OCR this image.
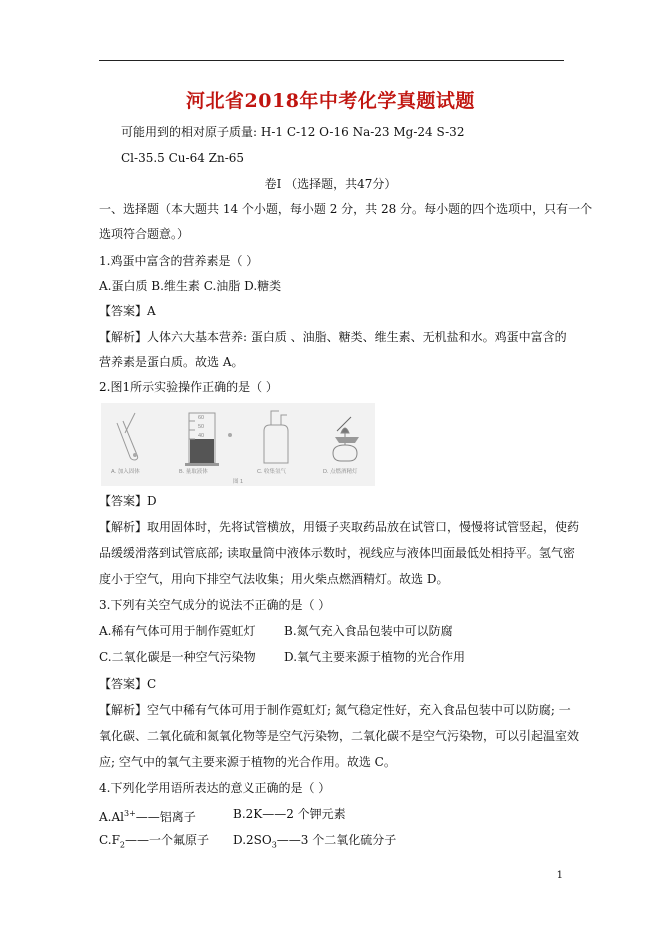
河北省2018年中考化学真题试题
可能用到的相对原子质量: H-1 C-12 O-16 Na-23 Mg-24 S-32
Cl-35.5 Cu-64 Zn-65
卷Ⅰ （选择题，共47分）
一、选择题（本大题共 14 个小题，每小题 2 分，共 28 分。每小题的四个选项中，只有一个
选项符合题意。）
1.鸡蛋中富含的营养素是（ ）
A.蛋白质 B.维生素 C.油脂 D.糖类
【答案】A
【解析】人体六大基本营养: 蛋白质 、油脂、糖类、维生素、无机盐和水。鸡蛋中富含的
营养素是蛋白质。故选 A。
2.图1所示实验操作正确的是（ ）
60
50
40
A. 加入固体	B. 量取液体	C. 收集氢气	D. 点燃酒精灯
图 1
【答案】D
【解析】取用固体时，先将试管横放，用镊子夹取药品放在试管口，慢慢将试管竖起，使药
品缓缓滑落到试管底部; 读取量筒中液体示数时，视线应与液体凹面最低处相持平。氢气密
度小于空气，用向下排空气法收集；用火柴点燃酒精灯。故选 D。
3.下列有关空气成分的说法不正确的是（ ）
A.稀有气体可用于制作霓虹灯 B.氮气充入食品包装中可以防腐
C.二氧化碳是一种空气污染物 D.氧气主要来源于植物的光合作用
【答案】C
【解析】空气中稀有气体可用于制作霓虹灯; 氮气稳定性好，充入食品包装中可以防腐; 一
氧化碳、二氧化硫和氮氧化物等是空气污染物，二氧化碳不是空气污染物，可以引起温室效
应; 空气中的氧气主要来源于植物的光合作用。故选 C。
4.下列化学用语所表达的意义正确的是（ ）
$A.Al^{3+}——$铝离子	B.2K——2 个钾元素
$C.F_2——$一个氟原子 $D.2SO_3——3$ 个二氧化硫分子
1
